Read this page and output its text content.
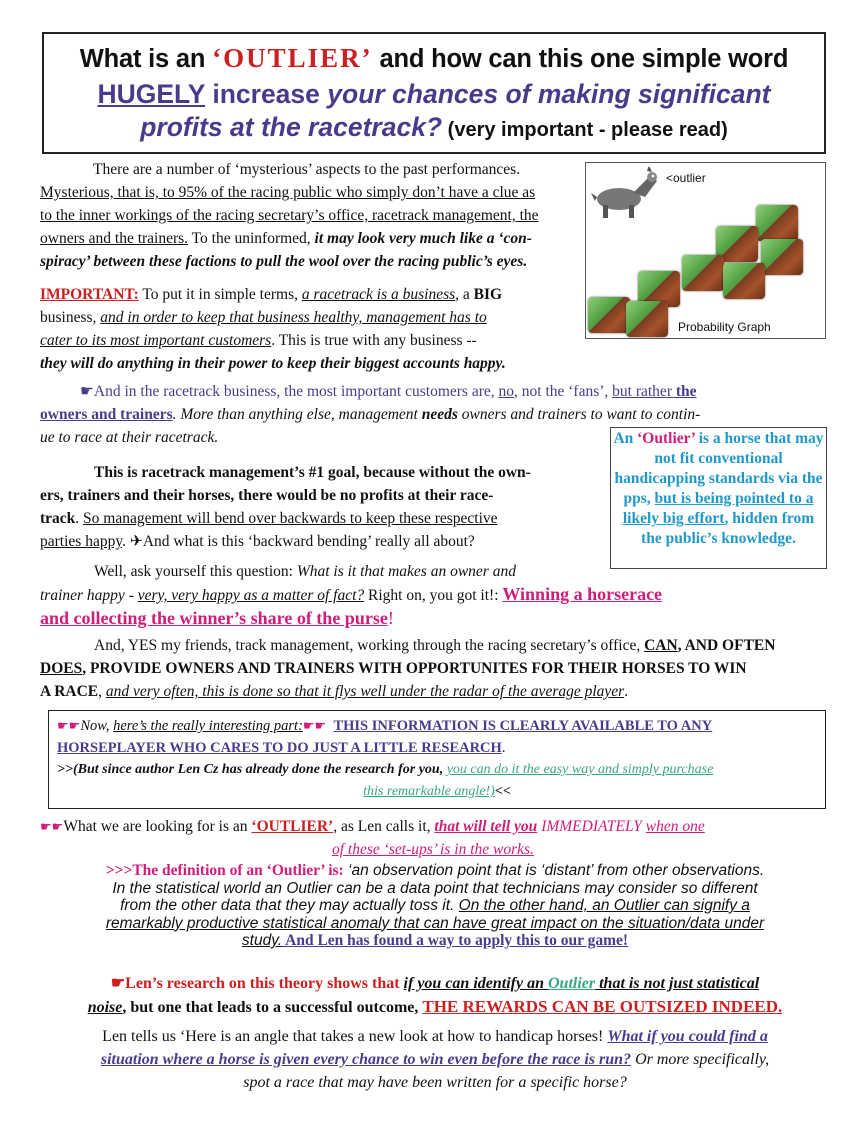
What is an ‘OUTLIER’ and how can this one simple word
HUGELY increase your chances of making significant
profits at the racetrack? (very important - please read)
There are a number of ‘mysterious’ aspects to the past performances.
Mysterious, that is, to 95% of the racing public who simply don’t have a clue as
to the inner workings of the racing secretary’s office, racetrack management, the
owners and the trainers. To the uninformed, it may look very much like a ‘con-
spiracy’ between these factions to pull the wool over the racing public’s eyes.
<outlier
Probability Graph
IMPORTANT: To put it in simple terms, a racetrack is a business, a BIG
business, and in order to keep that business healthy, management has to
cater to its most important customers. This is true with any business --
they will do anything in their power to keep their biggest accounts happy.
☛And in the racetrack business, the most important customers are, no, not the ‘fans’, but rather the
owners and trainers. More than anything else, management needs owners and trainers to want to contin-
ue to race at their racetrack.	An ‘Outlier’ is a horse that may not fit conventional handicapping standards via the pps, but is being pointed to a likely big effort, hidden from the public’s knowledge.
This is racetrack management’s #1 goal, because without the own-
ers, trainers and their horses, there would be no profits at their race-
track. So management will bend over backwards to keep these respective
parties happy. ✈And what is this ‘backward bending’ really all about?
Well, ask yourself this question: What is it that makes an owner and
trainer happy - very, very happy as a matter of fact? Right on, you got it!: Winning a horserace
and collecting the winner’s share of the purse!
And, YES my friends, track management, working through the racing secretary’s office, CAN, AND OFTEN
DOES, PROVIDE OWNERS AND TRAINERS WITH OPPORTUNITES FOR THEIR HORSES TO WIN
A RACE, and very often, this is done so that it flys well under the radar of the average player.
☛☛Now, here’s the really interesting part:☛☛ THIS INFORMATION IS CLEARLY AVAILABLE TO ANY
HORSEPLAYER WHO CARES TO DO JUST A LITTLE RESEARCH.
>>(But since author Len Cz has already done the research for you, you can do it the easy way and simply purchase
this remarkable angle!)<<
☛☛What we are looking for is an ‘OUTLIER’, as Len calls it, that will tell you IMMEDIATELY when one
of these ‘set-ups’ is in the works.
>>>The definition of an ‘Outlier’ is: ‘an observation point that is ‘distant’ from other observations.
In the statistical world an Outlier can be a data point that technicians may consider so different
from the other data that they may actually toss it. On the other hand, an Outlier can signify a
remarkably productive statistical anomaly that can have great impact on the situation/data under
study. And Len has found a way to apply this to our game!
☛Len’s research on this theory shows that if you can identify an Outlier that is not just statistical
noise, but one that leads to a successful outcome, THE REWARDS CAN BE OUTSIZED INDEED.
Len tells us ‘Here is an angle that takes a new look at how to handicap horses! What if you could find a
situation where a horse is given every chance to win even before the race is run? Or more specifically,
spot a race that may have been written for a specific horse?
